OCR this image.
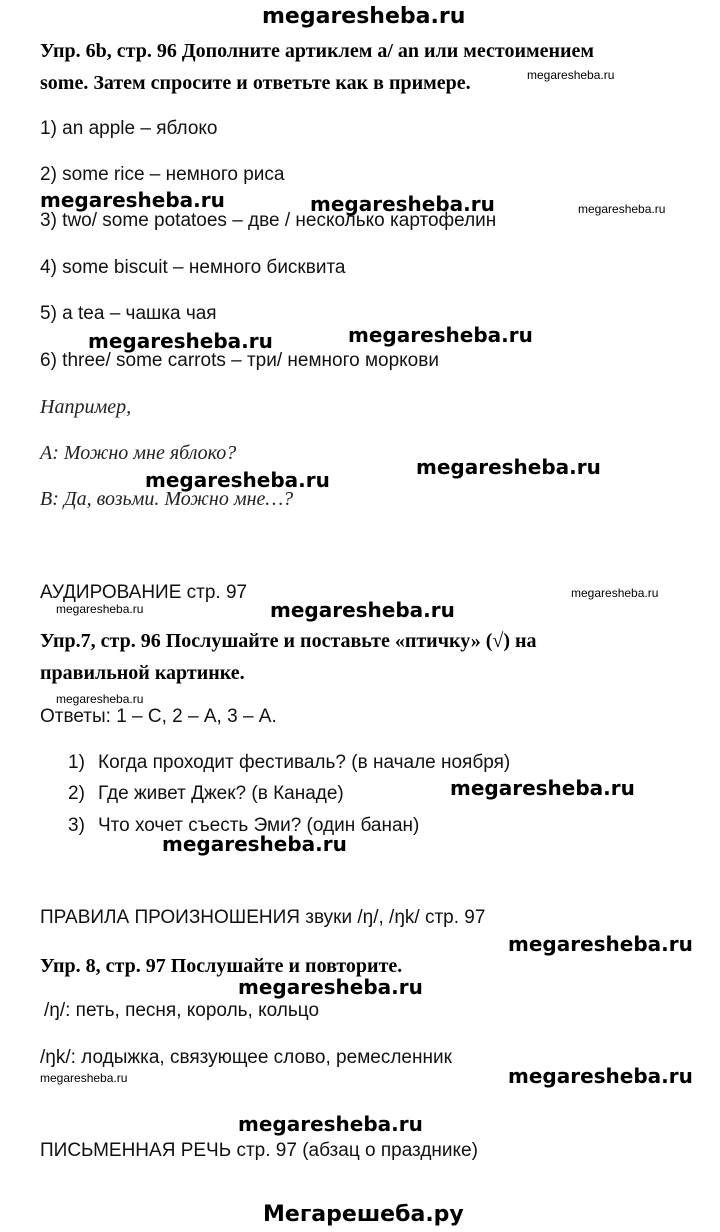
megaresheba.ru
Упр. 6b, стр. 96 Дополните артиклем a/ an или местоимением
some. Затем спросите и ответьте как в примере.	megaresheba.ru
1) an apple – яблоко
2) some rice – немного риса
megaresheba.ru	megaresheba.ru	megaresheba.ru
3) two/ some potatoes – две / несколько картофелин
4) some biscuit – немного бисквита
5) a tea – чашка чая
megaresheba.ru	megaresheba.ru
6) three/ some carrots – три/ немного моркови
Например,
А: Можно мне яблоко?
megaresheba.ru
megaresheba.ru
В: Да, возьми. Можно мне…?
АУДИРОВАНИЕ стр. 97	megaresheba.ru
megaresheba.ru	megaresheba.ru
Упр.7, стр. 96 Послушайте и поставьте «птичку» (√) на
правильной картинке.
megaresheba.ru
Ответы: 1 – С, 2 – А, 3 – А.
1) Когда проходит фестиваль? (в начале ноября)
megaresheba.ru
2) Где живет Джек? (в Канаде)
3) Что хочет съесть Эми? (один банан)
megaresheba.ru
ПРАВИЛА ПРОИЗНОШЕНИЯ звуки /ŋ/, /ŋk/ стр. 97
megaresheba.ru
Упр. 8, стр. 97 Послушайте и повторите.
megaresheba.ru
/ŋ/: петь, песня, король, кольцо
/ŋk/: лодыжка, связующее слово, ремесленник
megaresheba.ru	megaresheba.ru
megaresheba.ru
ПИСЬМЕННАЯ РЕЧЬ стр. 97 (абзац о празднике)
Мегарешеба.ру
